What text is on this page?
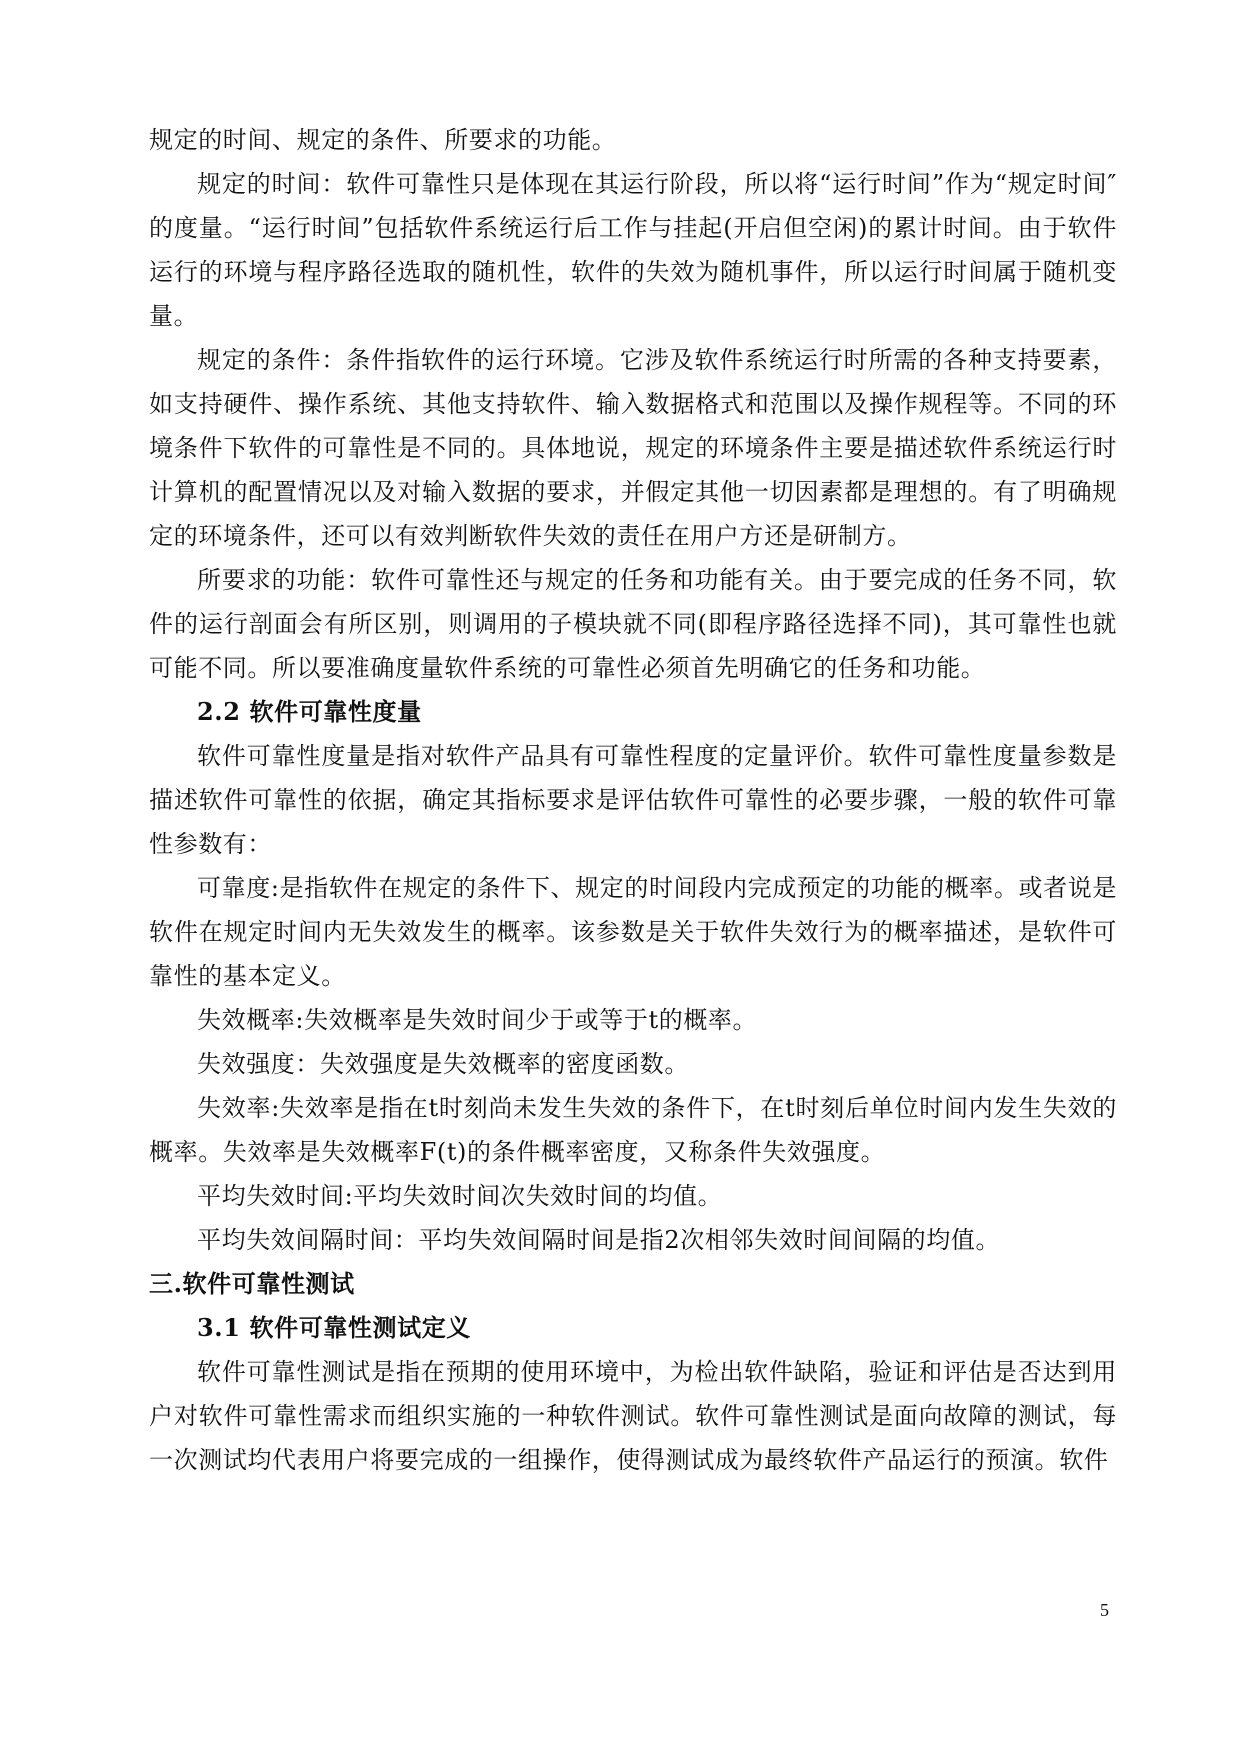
规定的时间、规定的条件、所要求的功能。

规定的时间：软件可靠性只是体现在其运行阶段，所以将“运行时间”作为“规定时间″的度量。“运行时间”包括软件系统运行后工作与挂起(开启但空闲)的累计时间。由于软件运行的环境与程序路径选取的随机性，软件的失效为随机事件，所以运行时间属于随机变量。

规定的条件：条件指软件的运行环境。它涉及软件系统运行时所需的各种支持要素，如支持硬件、操作系统、其他支持软件、输入数据格式和范围以及操作规程等。不同的环境条件下软件的可靠性是不同的。具体地说，规定的环境条件主要是描述软件系统运行时计算机的配置情况以及对输入数据的要求，并假定其他一切因素都是理想的。有了明确规定的环境条件，还可以有效判断软件失效的责任在用户方还是研制方。

所要求的功能：软件可靠性还与规定的任务和功能有关。由于要完成的任务不同，软件的运行剖面会有所区别，则调用的子模块就不同(即程序路径选择不同)，其可靠性也就可能不同。所以要准确度量软件系统的可靠性必须首先明确它的任务和功能。

2.2 软件可靠性度量

软件可靠性度量是指对软件产品具有可靠性程度的定量评价。软件可靠性度量参数是描述软件可靠性的依据，确定其指标要求是评估软件可靠性的必要步骤，一般的软件可靠性参数有：

可靠度:是指软件在规定的条件下、规定的时间段内完成预定的功能的概率。或者说是软件在规定时间内无失效发生的概率。该参数是关于软件失效行为的概率描述，是软件可靠性的基本定义。

失效概率:失效概率是失效时间少于或等于t的概率。

失效强度：失效强度是失效概率的密度函数。

失效率:失效率是指在t时刻尚未发生失效的条件下，在t时刻后单位时间内发生失效的概率。失效率是失效概率F(t)的条件概率密度，又称条件失效强度。

平均失效时间:平均失效时间次失效时间的均值。

平均失效间隔时间：平均失效间隔时间是指2次相邻失效时间间隔的均值。

三.软件可靠性测试

3.1 软件可靠性测试定义

软件可靠性测试是指在预期的使用环境中，为检出软件缺陷，验证和评估是否达到用户对软件可靠性需求而组织实施的一种软件测试。软件可靠性测试是面向故障的测试，每一次测试均代表用户将要完成的一组操作，使得测试成为最终软件产品运行的预演。软件

5
